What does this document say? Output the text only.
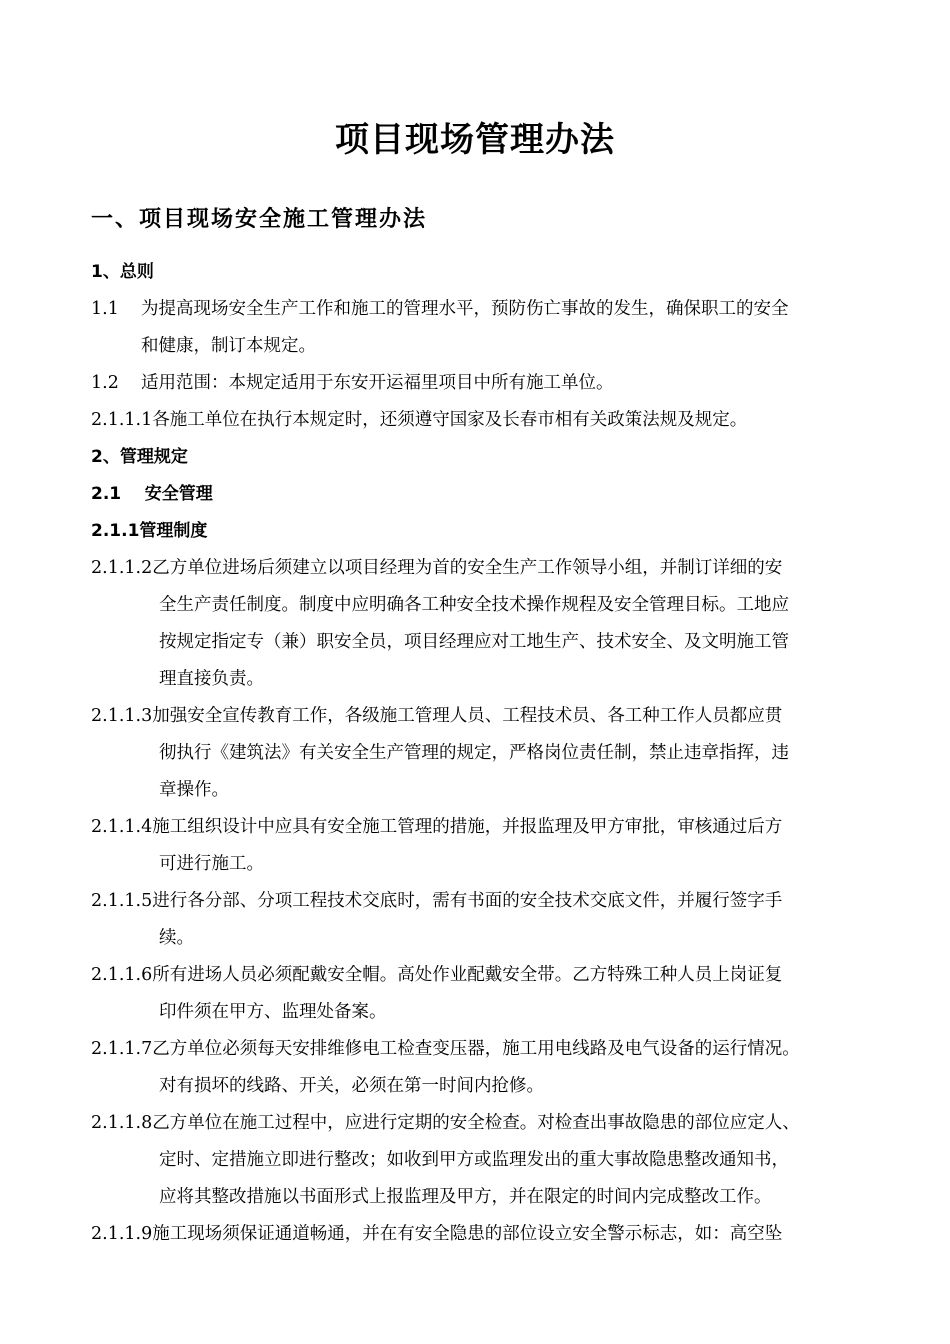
项目现场管理办法
一、项目现场安全施工管理办法
1、总则
1.1 为提高现场安全生产工作和施工的管理水平，预防伤亡事故的发生，确保职工的安全
和健康，制订本规定。
1.2 适用范围：本规定适用于东安开运福里项目中所有施工单位。
2.1.1.1各施工单位在执行本规定时，还须遵守国家及长春市相有关政策法规及规定。
2、管理规定
2.1    安全管理
2.1.1管理制度
2.1.1.2乙方单位进场后须建立以项目经理为首的安全生产工作领导小组，并制订详细的安
全生产责任制度。制度中应明确各工种安全技术操作规程及安全管理目标。工地应
按规定指定专（兼）职安全员，项目经理应对工地生产、技术安全、及文明施工管
理直接负责。
2.1.1.3加强安全宣传教育工作，各级施工管理人员、工程技术员、各工种工作人员都应贯
彻执行《建筑法》有关安全生产管理的规定，严格岗位责任制，禁止违章指挥，违
章操作。
2.1.1.4施工组织设计中应具有安全施工管理的措施，并报监理及甲方审批，审核通过后方
可进行施工。
2.1.1.5进行各分部、分项工程技术交底时，需有书面的安全技术交底文件，并履行签字手
续。
2.1.1.6所有进场人员必须配戴安全帽。高处作业配戴安全带。乙方特殊工种人员上岗证复
印件须在甲方、监理处备案。
2.1.1.7乙方单位必须每天安排维修电工检查变压器，施工用电线路及电气设备的运行情况。
对有损坏的线路、开关，必须在第一时间内抢修。
2.1.1.8乙方单位在施工过程中，应进行定期的安全检查。对检查出事故隐患的部位应定人、
定时、定措施立即进行整改；如收到甲方或监理发出的重大事故隐患整改通知书，
应将其整改措施以书面形式上报监理及甲方，并在限定的时间内完成整改工作。
2.1.1.9施工现场须保证通道畅通，并在有安全隐患的部位设立安全警示标志，如：高空坠
